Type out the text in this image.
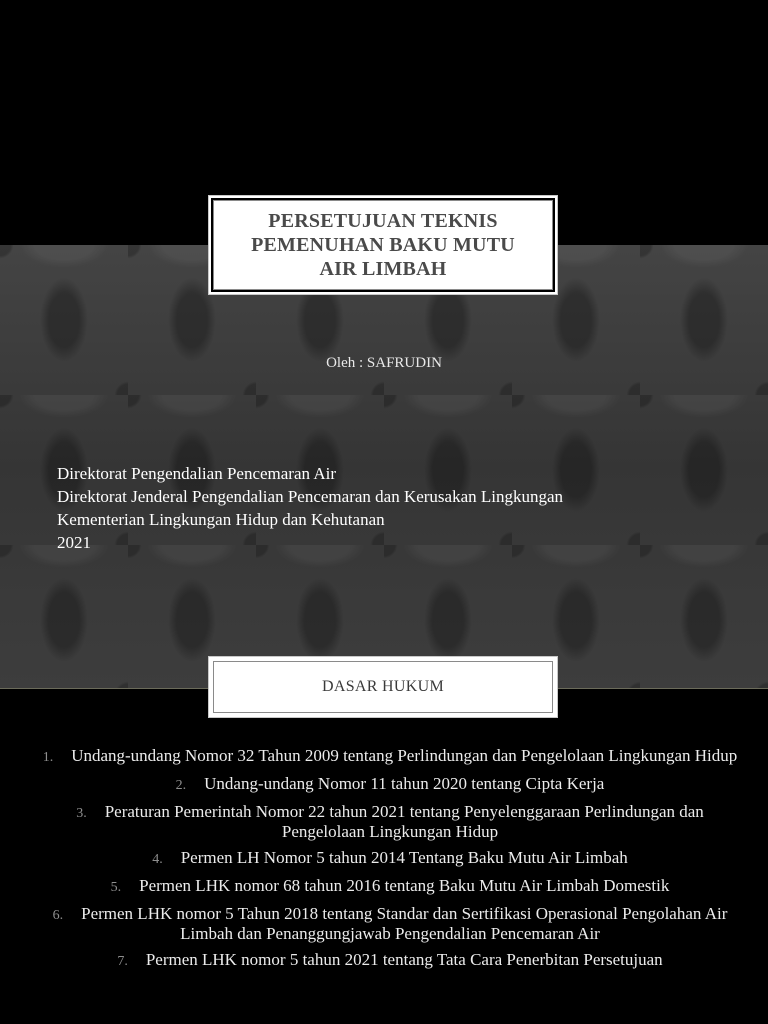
PERSETUJUAN TEKNIS PEMENUHAN BAKU MUTU AIR LIMBAH
Oleh : SAFRUDIN
Direktorat Pengendalian Pencemaran Air
Direktorat Jenderal Pengendalian Pencemaran dan Kerusakan Lingkungan
Kementerian Lingkungan Hidup dan Kehutanan
2021
DASAR HUKUM
1. Undang-undang Nomor 32 Tahun 2009 tentang Perlindungan dan Pengelolaan Lingkungan Hidup
2. Undang-undang Nomor 11 tahun 2020 tentang Cipta Kerja
3. Peraturan Pemerintah Nomor 22 tahun 2021 tentang Penyelenggaraan Perlindungan dan Pengelolaan Lingkungan Hidup
4. Permen LH Nomor 5 tahun 2014 Tentang Baku Mutu Air Limbah
5. Permen LHK nomor 68 tahun 2016 tentang Baku Mutu Air Limbah Domestik
6. Permen LHK nomor 5 Tahun 2018 tentang Standar dan Sertifikasi Operasional Pengolahan Air Limbah dan Penanggungjawab Pengendalian Pencemaran Air
7. Permen LHK nomor 5 tahun 2021 tentang Tata Cara Penerbitan Persetujuan
